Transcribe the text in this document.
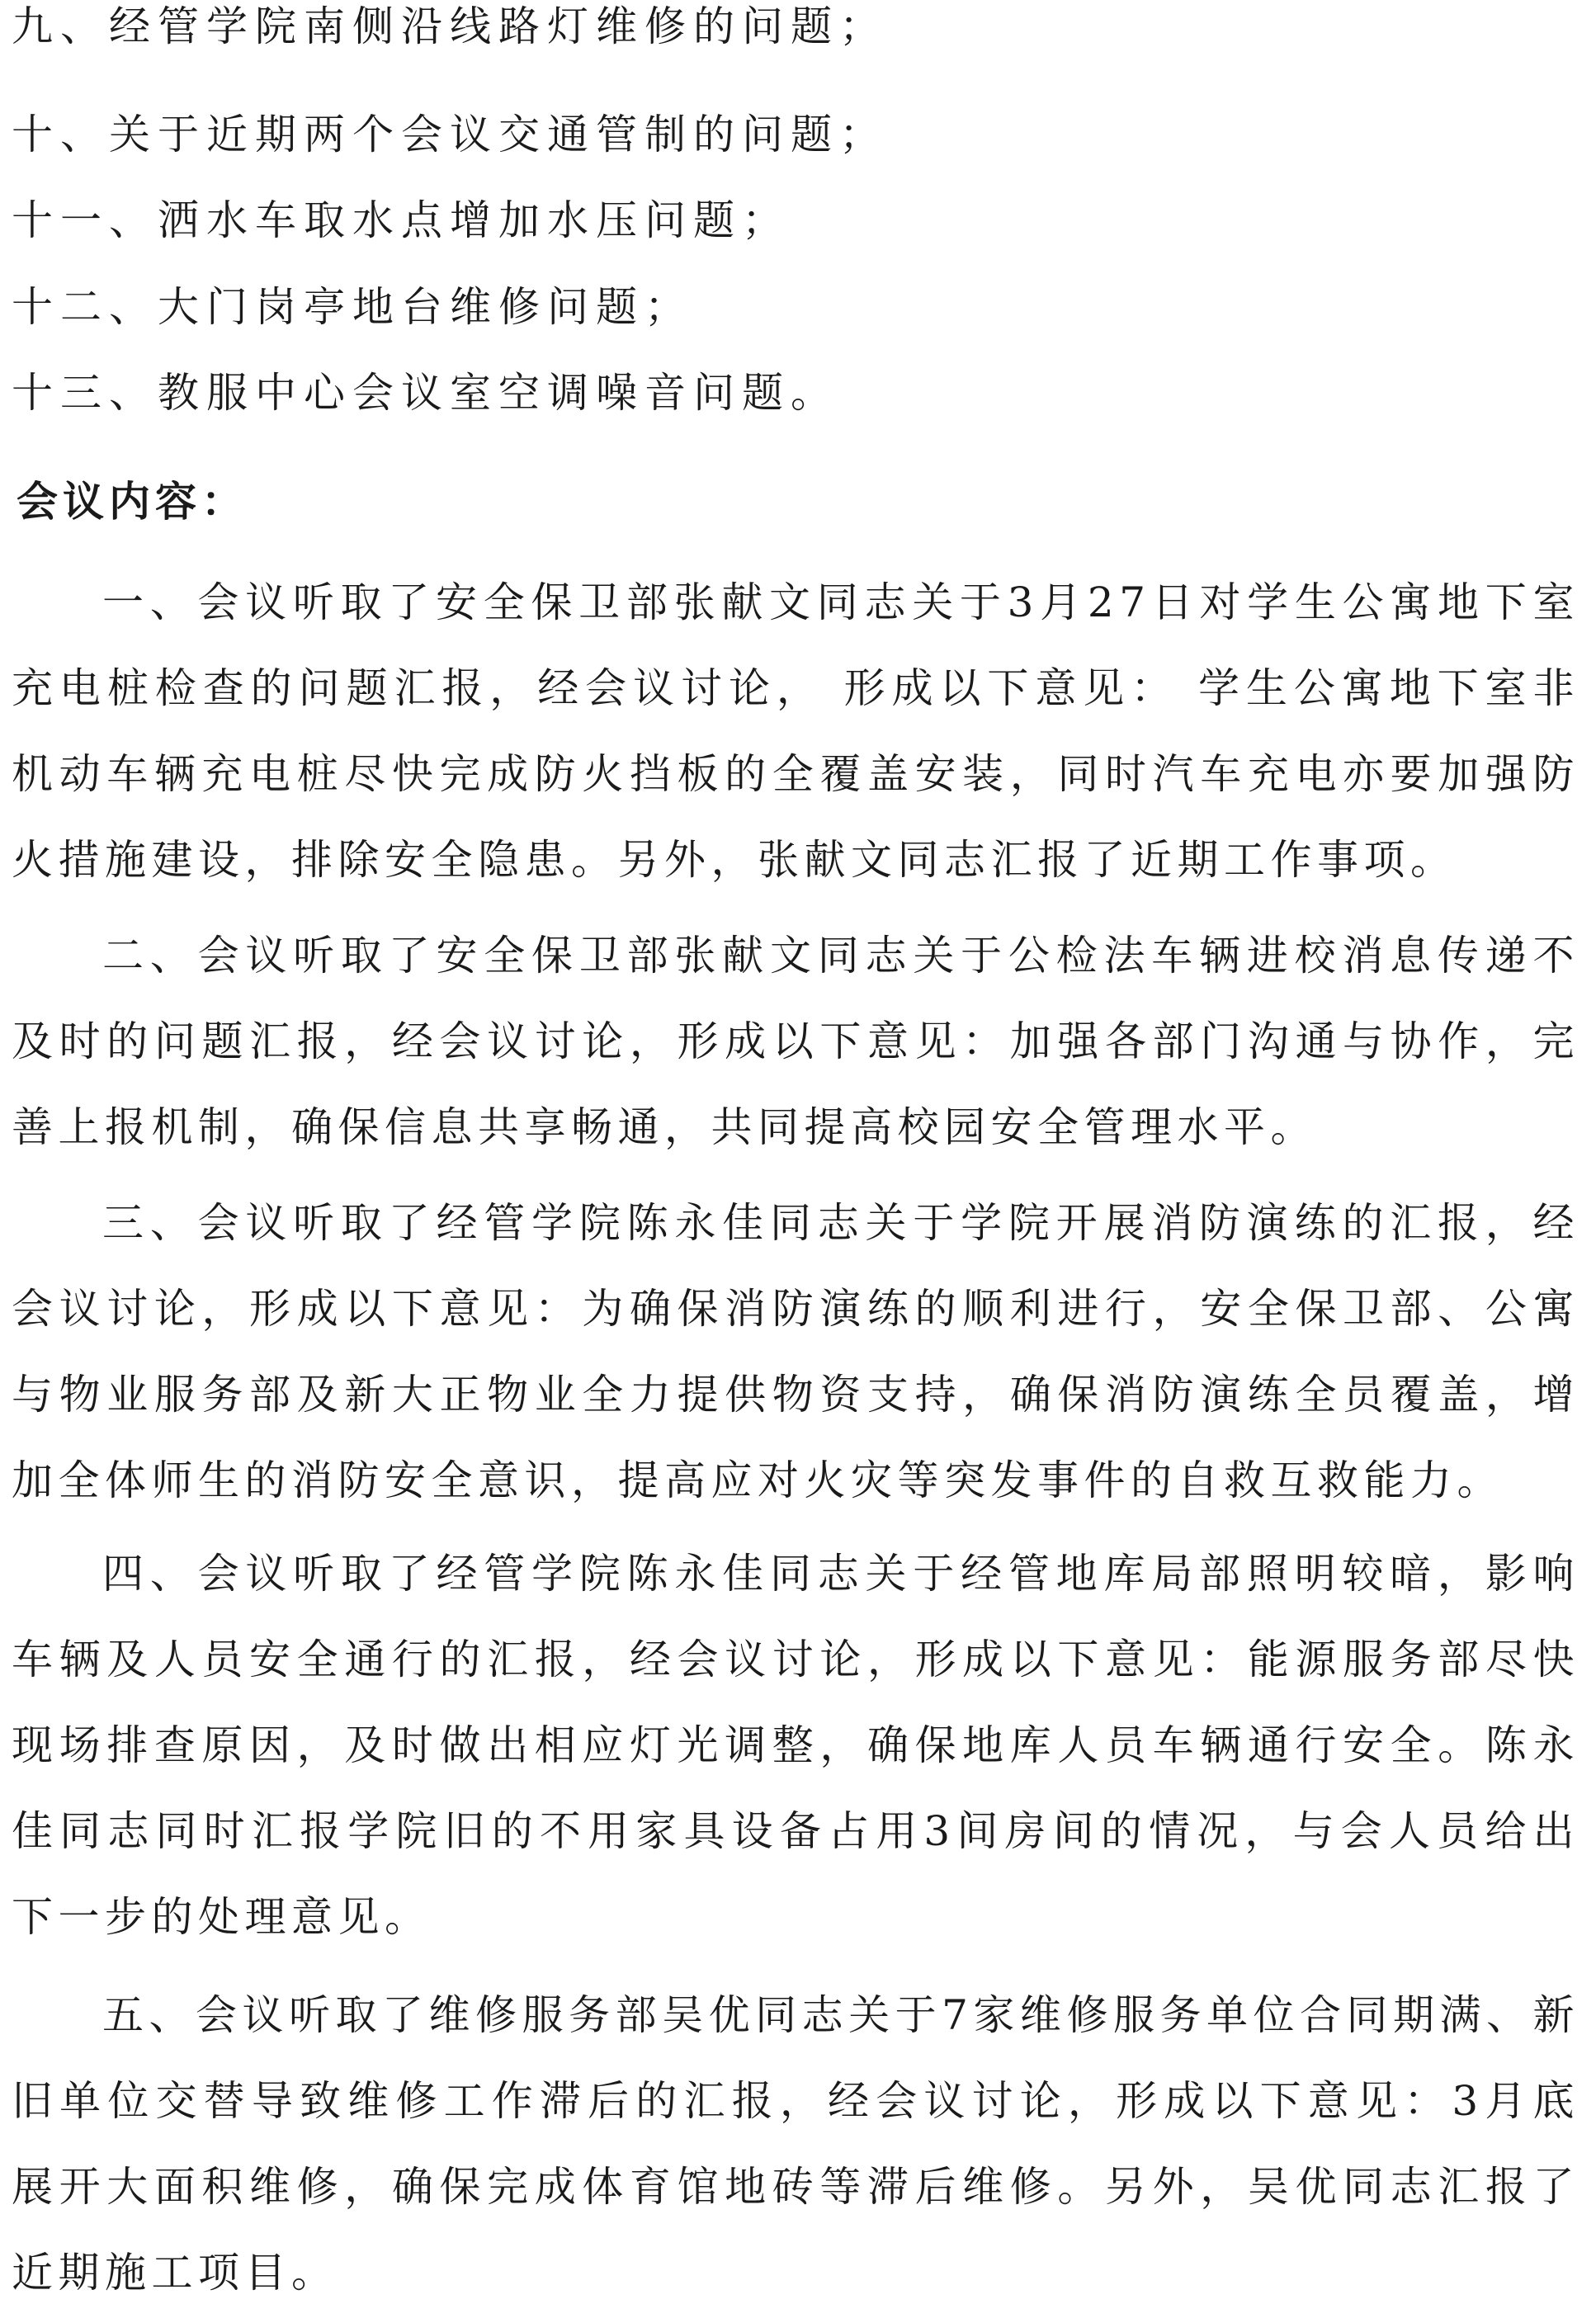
九、经管学院南侧沿线路灯维修的问题；
十、关于近期两个会议交通管制的问题；
十一、洒水车取水点增加水压问题；
十二、大门岗亭地台维修问题；
十三、教服中心会议室空调噪音问题。
会议内容：

一、会议听取了安全保卫部张献文同志关于3月27日对学生公寓地下室充电桩检查的问题汇报，经会议讨论， 形成以下意见： 学生公寓地下室非机动车辆充电桩尽快完成防火挡板的全覆盖安装，同时汽车充电亦要加强防火措施建设，排除安全隐患。另外，张献文同志汇报了近期工作事项。

二、会议听取了安全保卫部张献文同志关于公检法车辆进校消息传递不及时的问题汇报，经会议讨论，形成以下意见：加强各部门沟通与协作，完善上报机制，确保信息共享畅通，共同提高校园安全管理水平。

三、会议听取了经管学院陈永佳同志关于学院开展消防演练的汇报，经会议讨论，形成以下意见：为确保消防演练的顺利进行，安全保卫部、公寓与物业服务部及新大正物业全力提供物资支持，确保消防演练全员覆盖，增加全体师生的消防安全意识，提高应对火灾等突发事件的自救互救能力。

四、会议听取了经管学院陈永佳同志关于经管地库局部照明较暗，影响车辆及人员安全通行的汇报，经会议讨论，形成以下意见：能源服务部尽快现场排查原因，及时做出相应灯光调整，确保地库人员车辆通行安全。陈永佳同志同时汇报学院旧的不用家具设备占用3间房间的情况，与会人员给出下一步的处理意见。

五、会议听取了维修服务部吴优同志关于7家维修服务单位合同期满、新旧单位交替导致维修工作滞后的汇报，经会议讨论，形成以下意见：3月底展开大面积维修，确保完成体育馆地砖等滞后维修。另外，吴优同志汇报了近期施工项目。
